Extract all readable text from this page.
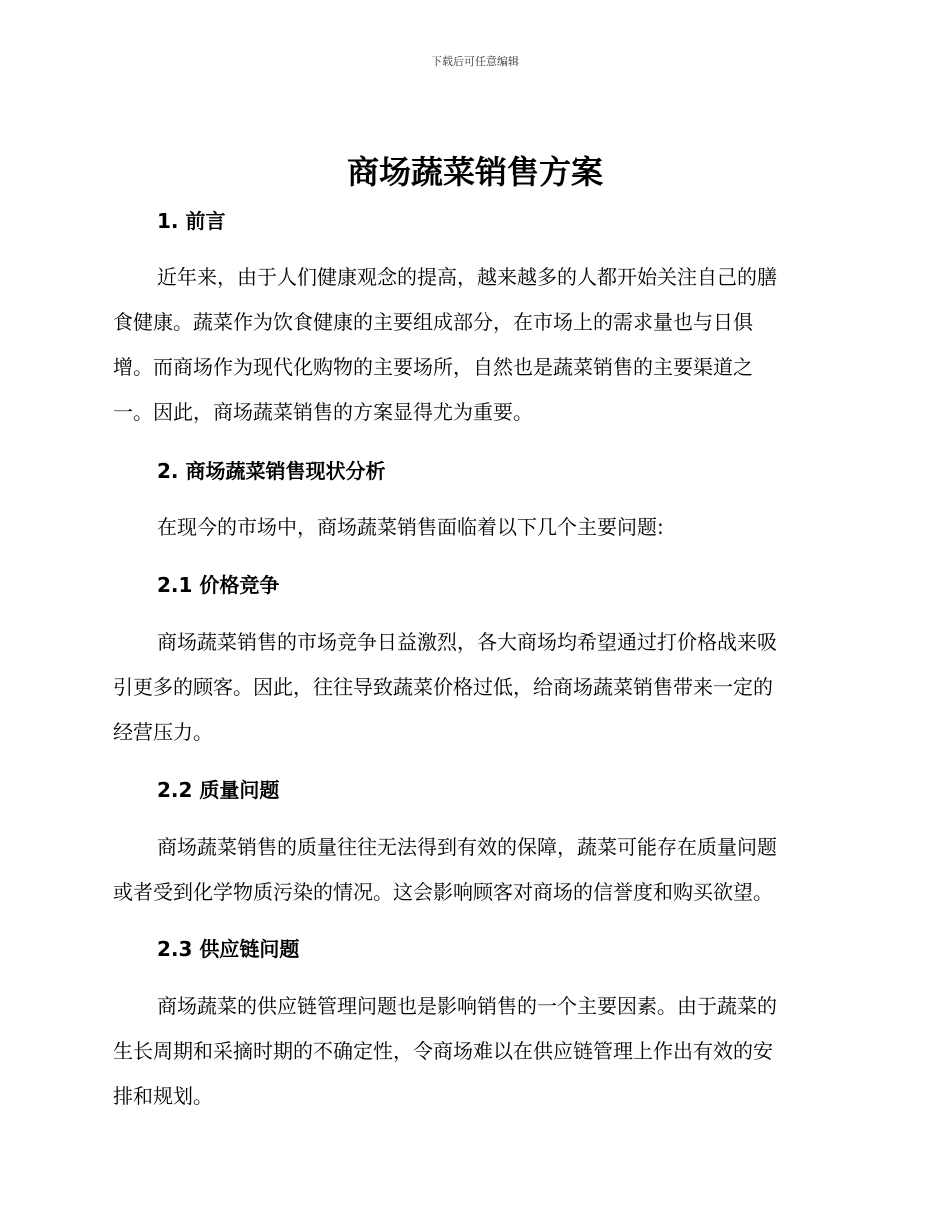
下载后可任意编辑
商场蔬菜销售方案
1. 前言

近年来，由于人们健康观念的提高，越来越多的人都开始关注自己的膳
食健康。蔬菜作为饮食健康的主要组成部分，在市场上的需求量也与日俱
增。而商场作为现代化购物的主要场所，自然也是蔬菜销售的主要渠道之
一。因此，商场蔬菜销售的方案显得尤为重要。

2. 商场蔬菜销售现状分析

在现今的市场中，商场蔬菜销售面临着以下几个主要问题:

2.1 价格竞争

商场蔬菜销售的市场竞争日益激烈，各大商场均希望通过打价格战来吸
引更多的顾客。因此，往往导致蔬菜价格过低，给商场蔬菜销售带来一定的
经营压力。

2.2 质量问题

商场蔬菜销售的质量往往无法得到有效的保障，蔬菜可能存在质量问题
或者受到化学物质污染的情况。这会影响顾客对商场的信誉度和购买欲望。

2.3 供应链问题

商场蔬菜的供应链管理问题也是影响销售的一个主要因素。由于蔬菜的
生长周期和采摘时期的不确定性，令商场难以在供应链管理上作出有效的安
排和规划。
